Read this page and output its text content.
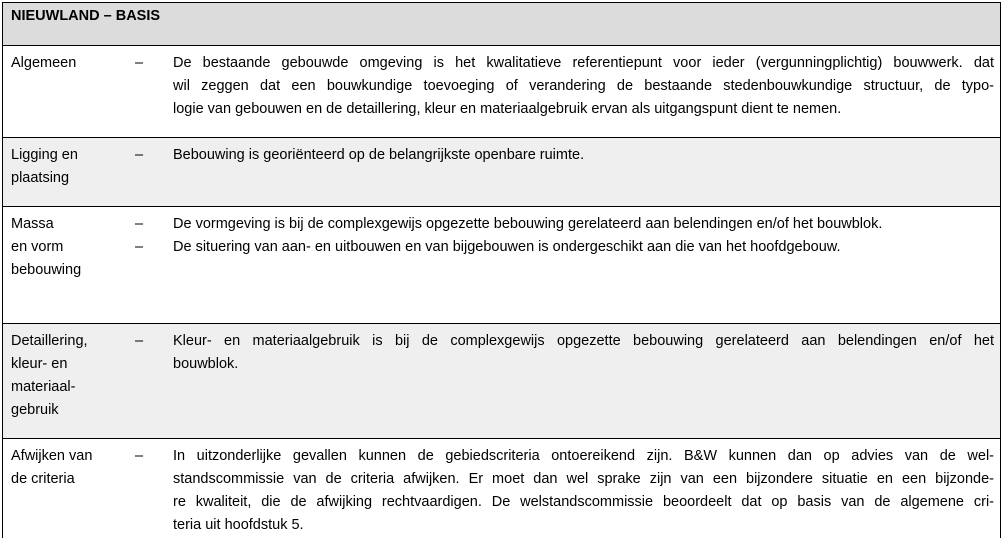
NIEUWLAND – BASIS
Algemeen	– De bestaande gebouwde omgeving is het kwalitatieve referentiepunt voor ieder (vergunningplichtig) bouwwerk. dat
wil zeggen dat een bouwkundige toevoeging of verandering de bestaande stedenbouwkundige structuur, de typo-
logie van gebouwen en de detaillering, kleur en materiaalgebruik ervan als uitgangspunt dient te nemen.
Ligging en
plaatsing
– Bebouwing is georiënteerd op de belangrijkste openbare ruimte.
Massa
en vorm
bebouwing
– De vormgeving is bij de complexgewijs opgezette bebouwing gerelateerd aan belendingen en/of het bouwblok.
– De situering van aan- en uitbouwen en van bijgebouwen is ondergeschikt aan die van het hoofdgebouw.
Detaillering,
kleur- en
materiaal-
gebruik
– Kleur- en materiaalgebruik is bij de complexgewijs opgezette bebouwing gerelateerd aan belendingen en/of het
bouwblok.
Afwijken van
de criteria
– In uitzonderlijke gevallen kunnen de gebiedscriteria ontoereikend zijn. B&W kunnen dan op advies van de wel-
standscommissie van de criteria afwijken. Er moet dan wel sprake zijn van een bijzondere situatie en een bijzonde-
re kwaliteit, die de afwijking rechtvaardigen. De welstandscommissie beoordeelt dat op basis van de algemene cri-
teria uit hoofdstuk 5.
